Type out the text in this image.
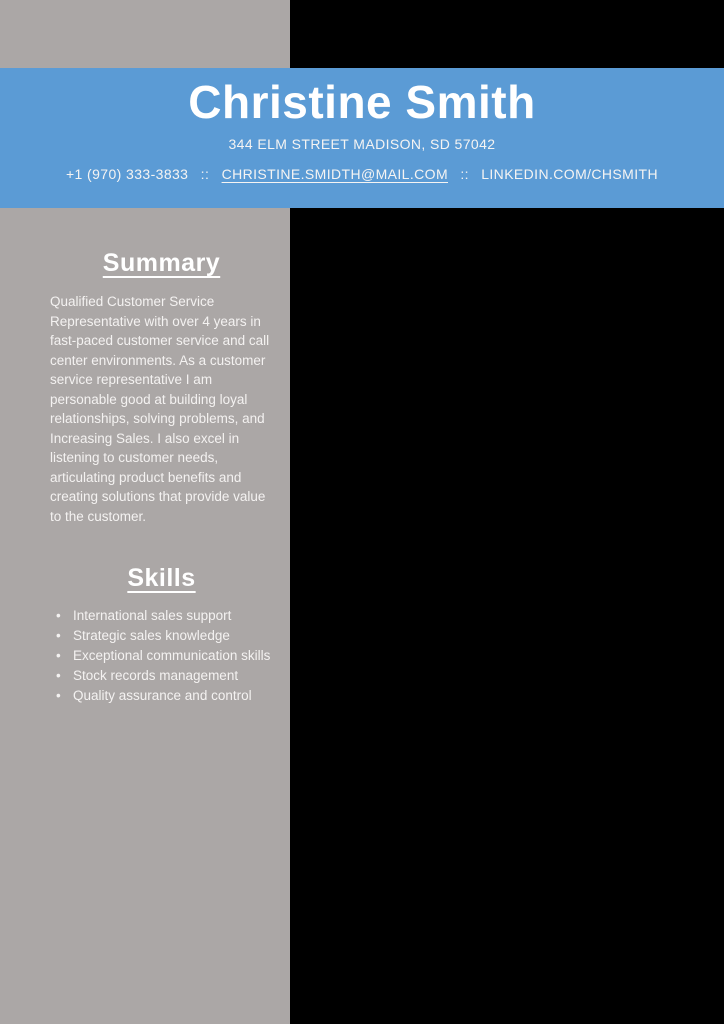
Christine Smith
344 ELM STREET MADISON, SD 57042
+1 (970) 333-3833 :: CHRISTINE.SMIDTH@MAIL.COM :: LINKEDIN.COM/CHSMITH
Summary

Qualified Customer Service Representative with over 4 years in fast-paced customer service and call center environments. As a customer service representative I am personable good at building loyal relationships, solving problems, and Increasing Sales. I also excel in listening to customer needs, articulating product benefits and creating solutions that provide value to the customer.

Skills
• International sales support
• Strategic sales knowledge
• Exceptional communication skills
• Stock records management
• Quality assurance and control
